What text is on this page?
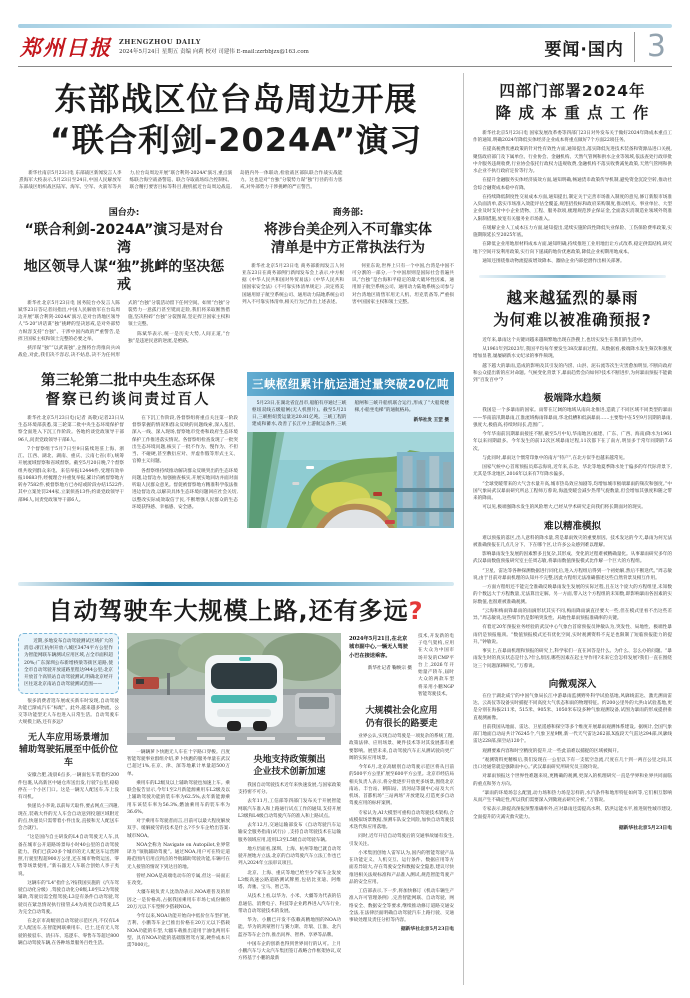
郑州日报 ZHENGZHOU DAILY
2024年5月24日 星期五 责编 向莉 校对 司建伟 E-mail:zzrbbjzx@163.com	要闻·国内 3
东部战区位台岛周边开展
“联合利剑-2024A”演习

新华社南京5月23日电 东部战区新闻发言人李熹海军大校表示,5月23日至24日,中国人民解放军东部战区组织战区陆军、海军、空军、火箭军等兵力,位台岛周边开展“联合利剑-2024A”演习,重点演练联合海空战备警巡、联合夺取战场综合控制权、联合精打要害目标等科目,舰机抵近台岛周边战巡,岛链内外一体联动,检验战区部队联合作战实战能力。这也是对“台独”分裂势力谋“独”行径的有力惩戒,对外部势力干涉挑衅的严正警告。

国台办:
“联合利剑-2024A”演习是对台湾
地区领导人谋“独”挑衅的坚决惩戒

新华社北京5月23日电 国务院台办发言人陈斌华23日答记者问指出,中国人民解放军在台岛周边开展“联合利剑-2024A”演习,是对台湾地区领导人“5·20”讲话谋“独”挑衅的坚决惩戒,是对外部势力纵容支持“台独”、干涉中国内政的严重警告,是捍卫国家主权和领土完整的必要之举。

挟洋谋“独”“以武谋独”,企图将台湾推向兵凶战危,对此,我们决不容忍,决不姑息,决不为任何形式的“台独”分裂活动留下任何空间。如果“台独”分裂势力一意孤行甚至铤而走险,我们将采取断然措施,坚决粉碎“台独”分裂图谋,坚定捍卫国家主权和领土完整。

陈斌华表示,统一是历史大势,人间正道,“台独”是违逆民意的逆流,是绝路。

商务部:
将涉台美企列入不可靠实体
清单是中方正常执法行为

新华社北京5月23日电 商务部新闻发言人何亚东23日在商务部例行新闻发布会上表示,中方根据《中华人民共和国对外贸易法》《中华人民共和国国家安全法》《不可靠实体清单规定》,决定将美国通用原子航空系统公司、通用动力陆地系统公司列入不可靠实体清单,相关行为已作出上述表述。

何亚东说,世界上只有一个中国,台湾是中国不可分割的一部分,一个中国原则是国际社会普遍共识,“台独”是台海和平稳定的最大破坏性因素。通用原子航空系统公司、通用动力陆地系统公司参与对台湾地区销售军用无人机、坦克装备等,严重损害中国国家主权和领土完整。

第三轮第二批中央生态环保
督察已约谈问责过百人

新华社北京5月23日电(记者 高敬)记者23日从生态环境部获悉,第三轮第二批中央生态环境保护督察全面进入下沉工作阶段。各地约谈党政领导干部96人,问责党政领导干部6人。

7个督察组于5月7日至9日陆续进驻上海、浙江、江西、湖北、湖南、重庆、云南七省(市),统筹开展流域督察和省域督察。截至5月20日晚,7个督察组共收到群众来电、来信举报12444件,受理有效举报10683件,经梳理合并重复举报,累计向被督察地方转办7582件,被督察地方已办结或阶段办结1522件,其中立案处罚244家,立案侦查13件;约谈党政领导干部96人,问责党政领导干部6人。

在下沉工作阶段,各督察组将重点关注第一阶段督察掌握的情况和群众反映的问题线索,深入基层、深入一线、深入现场,督察地市党委和政府生态环境保护工作推进落实情况。各督察组检查发现了一批突出生态环境问题,核实了一批不作为、慢作为、不担当、不碰硬,甚至敷衍应对、弄虚作假等形式主义、官僚主义问题。

各督察组持续推动解决群众反映突出的生态环境问题,边督边办,加强抽查核实,开展实地回访并面对面听取人民群众意见。督促被督察地方精准科学依法推进边督边改,以解决具体生态环境问题回应社会关切,以整改实际成效取信于民,不断增强人民群众的生态环境获得感、幸福感、安全感。

三峡枢纽累计航运通过量突破20亿吨

5月23日,在湖北省宜昌市,船舶有序通过三峡枢纽双线五级船闸(无人机照片)。截至5月21日,三峡枢纽货运量达20.81亿吨。三峡工程的建成和蓄水,改善了长江中上游航运条件,三峡船闸和三峡升船机联合运行,形成了“大船爬楼梯,小船坐电梯”的通航格局。

新华社发 王罡 摄
自动驾驶车大规模上路,还有多远?

近期,多地发布自动驾驶测试区域扩大的消息:浙江杭州开放八城区3474平方公里作为智能网联车辆测试应用区域,占全市面积超20%;广东深圳公布新增桥梁等街区道路,使全市自动驾驶开放道路里程达944公里;北京开放首个高铁站自动驾驶测试,明确北京经开区往返北京南站自动驾驶测试范围——

很多消费者逛车展或买新车时发现,自动驾驶功能已渐成汽车“标配”。此外,越来越多物流、公交等功能型无人车也进入日常生活。自动驾驶车大规模上路,还有多远?

无人车应用场景增加
辅助驾驶拓展至中低价位车

安徽合肥,凌晨6点多,一辆面包车装着约200件包裹,从高新区中通仓库送出发,行驶7公里,稳稳停在一个小区门口。这是一辆无人配送车,车上没有司机。

快递员小李说,以前每天取件,要去网点三四趟,现在,装载大件的无人车会自动送到投递区域附近的点,快递员只需带着小件出发,直接和无人配送车会合就行。

“这是国内自主研发的L4自动驾驶无人车,具备在城市公开道路场景每小时40公里的自动驾驶能力。我们已获20多个城市的无人配送车运营牌照,行驶里程超900万公里,还在城市物资运送、零售等场景使用。”新石器无人车联合创始人李子夷说。

这辆车的“L4”指什么?按我国实施的《汽车驾驶自动化分级》,驾驶自动化分6级,L0至L2为驾驶辅助,驾驶员需全程驾驶;L3是有条件自动驾驶,驾驶员在紧急情况执行接管;L4为高度自动驾驶,L5为完全自动驾驶。

在北京市高级别自动驾驶示范区内,不仅有L4无人配送车,在智能网联乘用车、巴士,还有无人驾驶的接驳车、清扫车、巡逻车、零售车等超过800辆自动驾驶车辆,在各种场景服务百姓生活。

一辆辆萝卜快跑无人车在十字路口穿梭。百度智能驾驶事业群组介绍,萝卜快跑的服务单量在武汉已超过1%,在京、津、深等地累计单量超500万单。

乘用车的L2级及以上辅助驾驶也加速上车。乘联会报告显示,今年1至2月新能源乘用车L2级及以上辅助驾驶功能的装车率为62.5%,去年新能源乘用车该装车率为56.3%,燃油乘用车的装车率为36.6%。

对于乘用车驾驶者而言,目前可以最大程度解放双手、缓解疲劳的技术是什么?不少车企给出答案:城市NOA。

NOA全称为 Navigate on Autopilot,业界常译为“领航辅助驾驶”。通过NOA,用户可在特定道路范围内启用点到点的导航辅助驾驶功能,车辆可在无人接管的情况下到达目的地。

曾经,NOA是高端电动车的专属,但这一局面正在改变。

大疆车载负责人沈劭劼表示,NOA难普及的原因之一是价格高,占据我国乘用车市场七成份额的20万元以下车型鲜少搭载NOA。

今年以来,NOA功能开始向中低价位车型扩展,吉利、小鹏等车企已推出价格在20万元以下搭载NOA功能的车型,大疆车载推出适用于油电两用车型、具有NOA功能的基础版智驾方案,硬件成本只需7000元。

央地支持政策频出
企业技术创新加速

我国自动驾驶技术近年来快速发展,与国家政策支持密不可分。

去年11月,工信部等四部门发布关于开展智能网联汽车准入和上路通行试点工作的通知,支持开展L3级和L4级自动驾驶汽车的准入和上路试点。

去年12月,交通运输部发布《自动驾驶汽车运输安全服务指南(试行)》,支持自动驾驶技术在运输服务领域应用,适用L3至L5级自动驾驶车辆。

地方层面看,深圳、上海、杭州等地已就自动驾驶开展地方立法,北京的自动驾驶汽车立法工作也已列入2024年立法审议项目。

北京、上海、重庆等地已给至少7家车企发放L3级高速公路道路测试牌照,包括比亚迪、阿维塔、奔驰、宝马、智己等。

从技术上看,以华为、小米、大疆等为代表的信息通信、消费电子、科技等企业跨界进入汽车行业,带动自动驾驶技术的发展。

华为、小鹏已开发不依赖高精地图的NOA功能。华为的鸿蒙智行与赛力斯、奇瑞、江淮、北汽蓝谷等车企合作,推出问界、智界、享界等品牌。

中国车企的创新也得到世界同行的认可。上月小鹏汽车与大众汽车集团签订战略合作框架协议,双方将基于小鹏的最新

2024年5月21日,在北京城市副中心,一辆无人驾驶小巴在接送乘客。
新华社记者 鞠焕宗 摄

技术,开发新的电子电气架构,应用在大众为中国市场开发的CMP平台上,2026年开始量产轿车,届时大众的两款车型将采用小鹏NGP智能驾驶技术。

大规模社会化应用
仍有很长的路要走

业界公认,实现自动驾驶是一项复杂的系统工程,政策法律、应用场景、硬件技术等对其发展都有重要影响。展望未来,自动驾驶汽车正从测试驶向更广阔的实际应用场景。

今年6月,北京高级别自动驾驶示范区将从目前的500平方公里扩展至600平方公里。北京市经信局相关负责人表示,将分批逐步开放更多场景,围绕北京南站、丰台站、朝阳站、清河站等副中心站及大兴机场、首都机场“三站两场”开放建设,打造更多自动驾驶应用的标杆案例。

专家认为,AI大模型可重构自动驾驶技术架构,合成模拟场景数据,预测车队安全风险,加快自动驾驶技术迭代和应用落地。

同时,近年开启自动驾驶后的交通事故屡有发生,引发关注。

小米集团创始人雷军认为,国内的智能驾驶产品在功能定义、人机交互、运行条件、数据应用等方面差异较大,存在驾驶安全和数据安全隐患,建议尽快推进相关法规标准和产品准入测试,规范智能驾驶产品的安全应用。

工信部表示,下一步,将加快修订《机动车辆生产准入许可管理条例》,完善智能网联、自动驾驶、网络安全、数据安全等要求,继续推动修订道路交通安全法,在法律层面明确自动驾驶汽车上路行驶、交通事故处理及责任分担等内容。

据新华社北京5月23日电
四部门部署2024年
降 成 本 重 点 工 作

新华社北京5月23日电 国家发展改革委等四部门23日对外发布关于做好2024年降成本重点工作的通知,明确2024年降低实体经济企业成本将重点做好7个方面22项任务。

在提高税费优惠政策的针对性有效性方面,通知提出,落实降低先进技术装备和资源品进口关税,聚焦政府部门及下属单位、行业协会、金融机构、天然气管网和供水企业等领域,依法查处行政审批中介服务违规收费,行业协会依托行政权力违规收费,金融机构不落实收费减免政策,天然气管网和供水企业不执行政府定价等行为。

在提升金融服务实体经济质效方面,通知明确,畅通货币政策传导机制,避免资金沉淀空转,推动社会综合融资成本稳中有降。

在持续降低制度性交易成本方面,通知提出,制定关于完善市场准入制度的意见,修订新版市场准入负面清单,落实市场准入效能评估全覆盖,规范招投标和政府采购制度,推动机关、事业单位、大型企业及时支付中小企业货物、工程、服务款项,梳理规范涉企保证金,全面落实消制造业领域外资准入限制措施,放宽有关服务业市场准入。

在缓解企业人工成本压力方面,通知提出,延续实施阶段性降低失业保险、工伤保险费率政策,实施期限延长至2025年底。

在降低企业用地原材料成本方面,通知明确,持续推进工业用地出让方式改革,稳定供需结构,研究地下空间开发利用政策,实行向下递减的地价优惠政策,降低企业初期用地成本。

通知还围绕推动物流提质增效降本、激励企业内部挖潜作出相关部署。

越来越猛烈的暴雨
为何难以被准确预报?

近年来,暴雨这个关键词越来越频繁地出现在热搜上,也切实发生在我们的生活中。

从1961年到2023年,我国平均每年要发生38次暴雨过程。从数据看,极端降水发生频次和强度增加显著,屡屡刷新水文纪录的事件频现。

越下越大的暴雨,造成的影响及其引发的内涝、山洪、泥石流等次生灾害愈加明显,不断向政府和公众提出新的应对命题。气候变化背景下,暴雨趋势会向如何?技术不断进步,为何暴雨预报不能做到“百发百中”?

极端降水趋频

我国是一个多暴雨的国家。雨带在辽阔的地域从南向北推进,造就了不同区域不同类型的暴雨——华南前汛期暴雨,江淮流域梅雨锋暴雨,华北低槽和低涡暴雨……主要集中在5至9月汛期的暴雨,强度大,极值高,持续时间长,范围广。

今年华南前汛期暴雨接连不断,截至5月中旬,华南地区(福建、广东、广西、海南)降水为1961年以来同期最多。今年发生的前12次区域暴雨过程,11次都下在了南方,明显多于常年同期的7.6次。

与此同时,暴雨这个惯常印象中的南方“特产”,在北方似乎也越来越常见。

国家气候中心首席预报员郑志海说,近年来,东北、华北等地夏季降水处于偏多的年代际背景下,尤其是华北地区,2016年以来有7年降水偏多。

“全球变暖带来的大气含水量升高,城市热岛效应加剧等,均增加城市极端暴雨的频次和强度。”中国气象局武汉暴雨研究所总工程师万蓉说,海温变暖会减少热带气旋数量,但会增加其强度和随之带来的降雨。

可以见,极端强降水发生的风险增大,已经从学术研究走向我们将长期面对的现实。

难以精准模拟

难以预报的落区,出人意料的降水量,常是暴雨致灾的重要原因。技术发达的今天,暴雨为何无法被准确预报在几点几分下、下在哪个区,让许多公众感到难以理解。

影响暴雨发生发展的因素繁多且复杂,其形成、变化的过程难被精确量化。从事暴雨研究多年的武汉暴雨数值预报研究室主任周志敏,将暴雨数值预报模式比作解一个巨大的方程组。

“卫星、雷达等各种探测数据进行同化后,进入方程组后得到一个初始解,然后不断迭代。”周志敏说,由于目前对暴雨机理的认知并不完整,因此方程组无法准确描述这些自然背景及相互作用。

一方面方程组还不能完全准确反映暴雨发生发展的实际过程,且在这个庞大的方程组里,未知数的个数远大于方程数量,无法算出定解。另一方面,带入这个方程组的未知数,即影响暴雨各因素的实际数值,也很难被准确观测。

“云海和梅雨锋暴雨的雨滴形状其实不同,梅雨降雨滴直径要大一些,但在模式里看不出这些差异。”周志敏说,这些细节仍是影响突发性、局地性暴雨预报准确率的关键。

有着近20年预报业务经验的武汉中心气象台首席预报员钟敏认为,突发性、局地性、极端性暴雨仍是预报瓶颈。“数值预报模式还有优化空间,实时观测资料不充足也限制了短临预报能力的提升。”钟敏说。

事实上,在暴雨机理和预报的研究上,科学家们一直在回答是什么、为什么、怎么办的问题。“暴雨发生时的真实状态是什么?什么原因,哪些因素在起主导作用?未来它会怎样发展?我们一直在围绕这三个问题深耕研究。”万蓉说。

向微观深入

在位于湖北咸宁的中国气象局长江中游暴雨监测野外科学试验基地,风廓线雷达、激光测雨雷达、云高仪等设备实时捕捉不同高度大气状态和雨的物理特征。约200公里外的大洪山试验基地,更是分别在海拔211米、515米、905米、1050米布设多种气象观测设备,试图为暴雨的形成提供垂直观测画像。

目前我国从地面、雷达、卫星遥感和探空等多个维度开展暴雨观测体系建设。据统计,全国气象部门地面自动站共计76245个,气象卫星9颗,新一代天气雷达262部,X波段天气雷达294部,风廓线雷达228部,探空站120个。

观测要素内容和时空精度的提升,让一些此前难以捕捉的区域被揭开。

“观测资料更精细后,我们发现在一公里以下有一支低空急流,尺度在几十到一两百公里之间,其出口处通常就是强降雨中心。”武汉暴雨研究所研究员王晓玲说。

对暴雨预报这个世界性难题来说,更精确的观测,更深入的机理研究一直是学界和业界共同面临的重点和努力方向。

“暴雨的环境场怎么配置,动力场和热力场是怎样的,水汽条件和地形特征如何等,它们相互影响从而产生不确定性,所以我们需要深入到微观去研究分析。”万蓉说。

专家表示,除提高预报预警准确率外,应对暴雨还需提高水利、防洪运能水平,推进韧性城市建设,全面提升防灾减灾救灾能力。

据新华社北京5月23日电
